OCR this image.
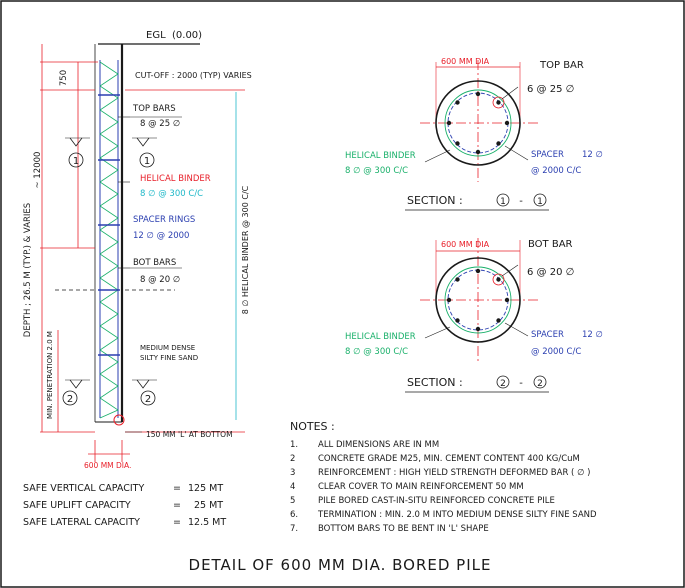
1	1
2	2
EGL (0.00)
CUT-OFF : 2000 (TYP) VARIES
TOP BARS
8 @ 25 ∅
HELICAL BINDER
8 ∅ @ 300 C/C
SPACER RINGS
12 ∅ @ 2000
BOT BARS
8 @ 20 ∅
MEDIUM DENSE
SILTY FINE SAND
150 MM 'L' AT BOTTOM
600 MM DIA.
750
~ 12000
DEPTH ; 26.5 M (TYP.) & VARIES
MIN. PENETRATION 2.0 M
8 ∅ HELICAL BINDER @ 300 C/C
600 MM DIA	TOP BAR
6 @ 25 ∅
HELICAL BINDER
8 ∅ @ 300 C/C
SPACER 12 ∅
@ 2000 C/C
SECTION :	1 - 1
600 MM DIA	BOT BAR
6 @ 20 ∅
HELICAL BINDER
8 ∅ @ 300 C/C
SPACER 12 ∅
@ 2000 C/C
SECTION :	2 - 2
NOTES :
1. ALL DIMENSIONS ARE IN MM
2	CONCRETE GRADE M25, MIN. CEMENT CONTENT 400 KG/CuM
3	REINFORCEMENT : HIGH YIELD STRENGTH DEFORMED BAR ( ∅ )
4	CLEAR COVER TO MAIN REINFORCEMENT 50 MM
5	PILE BORED CAST-IN-SITU REINFORCED CONCRETE PILE
6. TERMINATION : MIN. 2.0 M INTO MEDIUM DENSE SILTY FINE SAND
7. BOTTOM BARS TO BE BENT IN 'L' SHAPE
SAFE VERTICAL CAPACITY	= 125 MT
SAFE UPLIFT CAPACITY	= 25 MT
SAFE LATERAL CAPACITY	= 12.5 MT
DETAIL OF 600 MM DIA. BORED PILE
